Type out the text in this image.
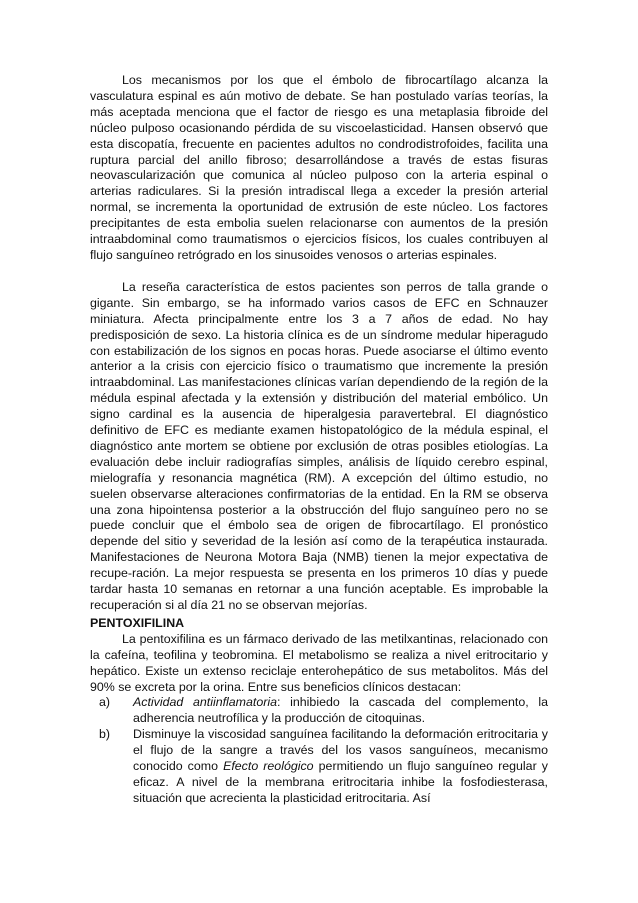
Los mecanismos por los que el émbolo de fibrocartílago alcanza la vasculatura espinal es aún motivo de debate. Se han postulado varías teorías, la más aceptada menciona que el factor de riesgo es una metaplasia fibroide del núcleo pulposo ocasionando pérdida de su viscoelasticidad. Hansen observó que esta discopatía, frecuente en pacientes adultos no condrodistrofoides, facilita una ruptura parcial del anillo fibroso; desarrollándose a través de estas fisuras neovascularización que comunica al núcleo pulposo con la arteria espinal o arterias radiculares. Si la presión intradiscal llega a exceder la presión arterial normal, se incrementa la oportunidad de extrusión de este núcleo. Los factores precipitantes de esta embolia suelen relacionarse con aumentos de la presión intraabdominal como traumatismos o ejercicios físicos, los cuales contribuyen al flujo sanguíneo retrógrado en los sinusoides venosos o arterias espinales.

La reseña característica de estos pacientes son perros de talla grande o gigante. Sin embargo, se ha informado varios casos de EFC en Schnauzer miniatura. Afecta principalmente entre los 3 a 7 años de edad. No hay predisposición de sexo. La historia clínica es de un síndrome medular hiperagudo con estabilización de los signos en pocas horas. Puede asociarse el último evento anterior a la crisis con ejercicio físico o traumatismo que incremente la presión intraabdominal. Las manifestaciones clínicas varían dependiendo de la región de la médula espinal afectada y la extensión y distribución del material embólico. Un signo cardinal es la ausencia de hiperalgesia paravertebral. El diagnóstico definitivo de EFC es mediante examen histopatológico de la médula espinal, el diagnóstico ante mortem se obtiene por exclusión de otras posibles etiologías. La evaluación debe incluir radiografías simples, análisis de líquido cerebro espinal, mielografía y resonancia magnética (RM). A excepción del último estudio, no suelen observarse alteraciones confirmatorias de la entidad. En la RM se observa una zona hipointensa posterior a la obstrucción del flujo sanguíneo pero no se puede concluir que el émbolo sea de origen de fibrocartílago. El pronóstico depende del sitio y severidad de la lesión así como de la terapéutica instaurada. Manifestaciones de Neurona Motora Baja (NMB) tienen la mejor expectativa de recupe-ración. La mejor respuesta se presenta en los primeros 10 días y puede tardar hasta 10 semanas en retornar a una función aceptable. Es improbable la recuperación si al día 21 no se observan mejorías.

PENTOXIFILINA

La pentoxifilina es un fármaco derivado de las metilxantinas, relacionado con la cafeína, teofilina y teobromina. El metabolismo se realiza a nivel eritrocitario y hepático. Existe un extenso reciclaje enterohepático de sus metabolitos. Más del 90% se excreta por la orina. Entre sus beneficios clínicos destacan:

a) Actividad antiinflamatoria: inhibiedo la cascada del complemento, la adherencia neutrofílica y la producción de citoquinas.
b) Disminuye la viscosidad sanguínea facilitando la deformación eritrocitaria y el flujo de la sangre a través del los vasos sanguíneos, mecanismo conocido como Efecto reológico permitiendo un flujo sanguíneo regular y eficaz. A nivel de la membrana eritrocitaria inhibe la fosfodiesterasa, situación que acrecienta la plasticidad eritrocitaria. Así
